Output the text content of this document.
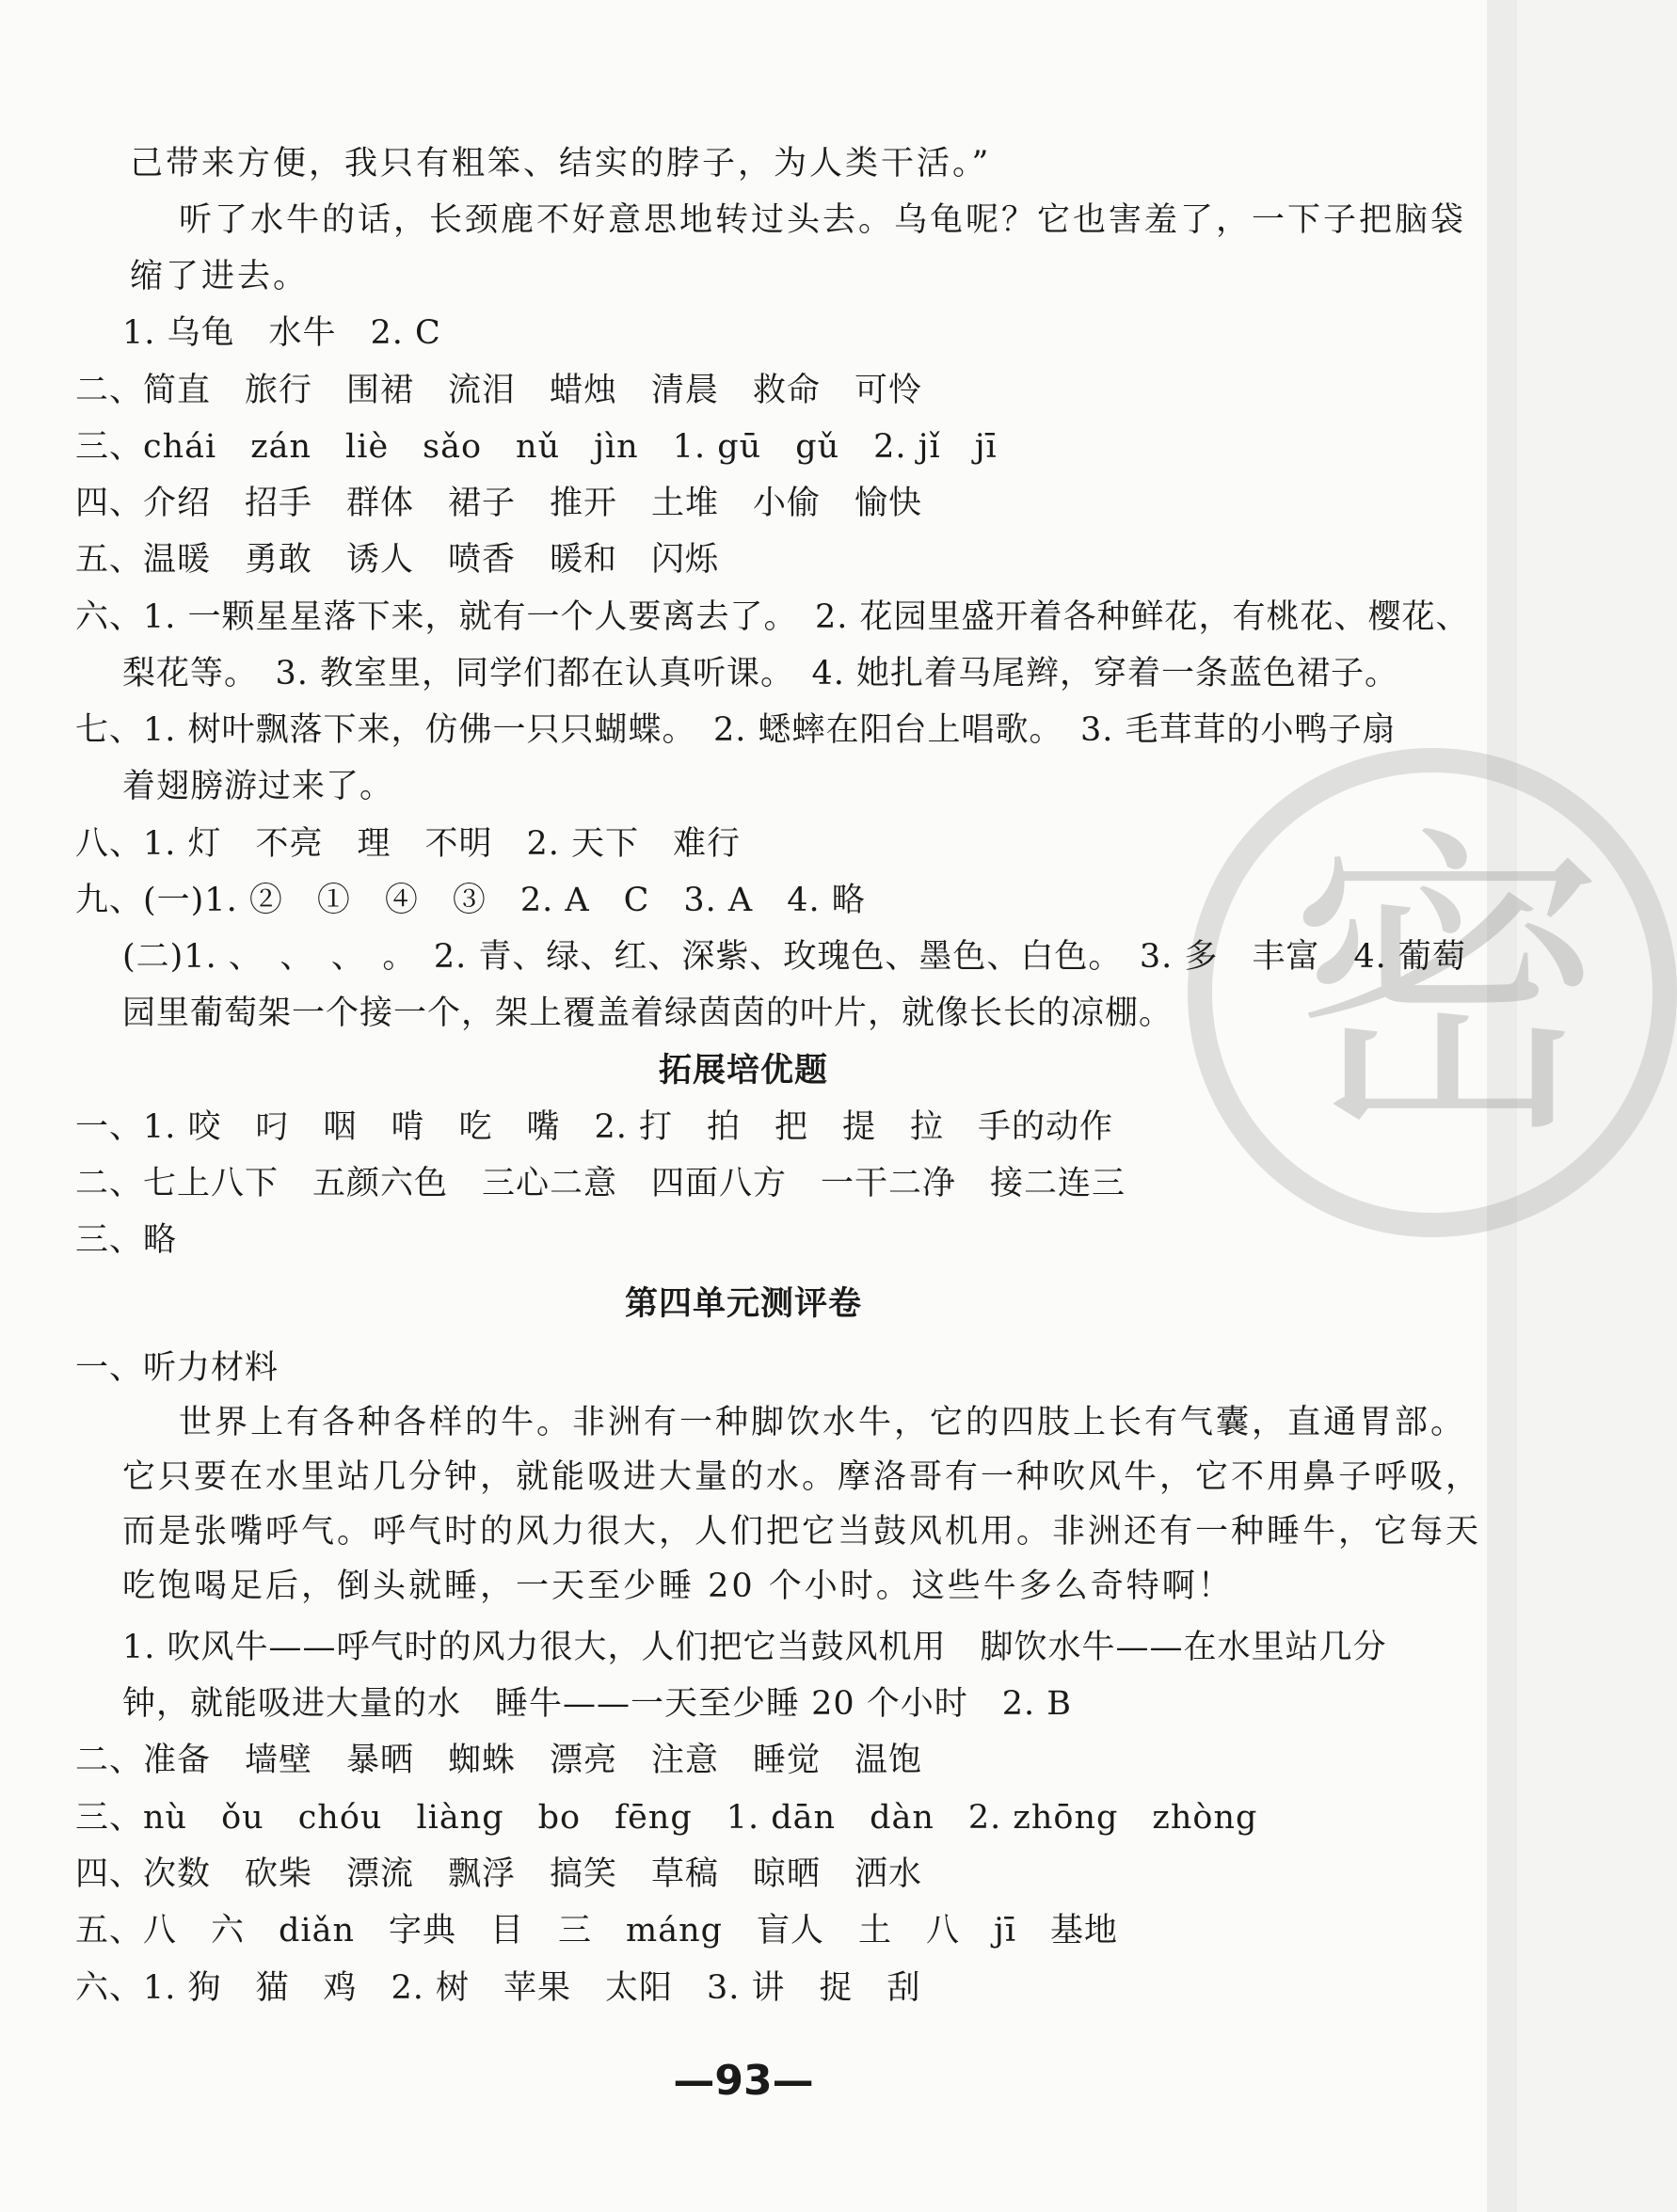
密
己带来方便，我只有粗笨、结实的脖子，为人类干活。”
听了水牛的话，长颈鹿不好意思地转过头去。乌龟呢？它也害羞了，一下子把脑袋
缩了进去。
1. 乌龟　水牛　2. C
二、简直　旅行　围裙　流泪　蜡烛　清晨　救命　可怜
三、chái　zán　liè　sǎo　nǔ　jìn　1. gū　gǔ　2. jǐ　jī
四、介绍　招手　群体　裙子　推开　土堆　小偷　愉快
五、温暖　勇敢　诱人　喷香　暖和　闪烁
六、1. 一颗星星落下来，就有一个人要离去了。　2. 花园里盛开着各种鲜花，有桃花、樱花、
梨花等。　3. 教室里，同学们都在认真听课。　4. 她扎着马尾辫，穿着一条蓝色裙子。
七、1. 树叶飘落下来，仿佛一只只蝴蝶。　2. 蟋蟀在阳台上唱歌。　3. 毛茸茸的小鸭子扇
着翅膀游过来了。
八、1. 灯　不亮　理　不明　2. 天下　难行
九、(一)1. ②　①　④　③　2. A　C　3. A　4. 略
(二)1. 、　、　、　。　2. 青、绿、红、深紫、玫瑰色、墨色、白色。　3. 多　丰富　4. 葡萄
园里葡萄架一个接一个，架上覆盖着绿茵茵的叶片，就像长长的凉棚。
拓展培优题
一、1. 咬　叼　咽　啃　吃　嘴　2. 打　拍　把　提　拉　手的动作
二、七上八下　五颜六色　三心二意　四面八方　一干二净　接二连三
三、略
第四单元测评卷
一、听力材料
世界上有各种各样的牛。非洲有一种脚饮水牛，它的四肢上长有气囊，直通胃部。
它只要在水里站几分钟，就能吸进大量的水。摩洛哥有一种吹风牛，它不用鼻子呼吸，
而是张嘴呼气。呼气时的风力很大，人们把它当鼓风机用。非洲还有一种睡牛，它每天
吃饱喝足后，倒头就睡，一天至少睡 20 个小时。这些牛多么奇特啊！
1. 吹风牛——呼气时的风力很大，人们把它当鼓风机用　脚饮水牛——在水里站几分
钟，就能吸进大量的水　睡牛——一天至少睡 20 个小时　2. B
二、准备　墙壁　暴晒　蜘蛛　漂亮　注意　睡觉　温饱
三、nù　ǒu　chóu　liàng　bo　fēng　1. dān　dàn　2. zhōng　zhòng
四、次数　砍柴　漂流　飘浮　搞笑　草稿　晾晒　洒水
五、八　六　diǎn　字典　目　三　máng　盲人　土　八　jī　基地
六、1. 狗　猫　鸡　2. 树　苹果　太阳　3. 讲　捉　刮
—93—
